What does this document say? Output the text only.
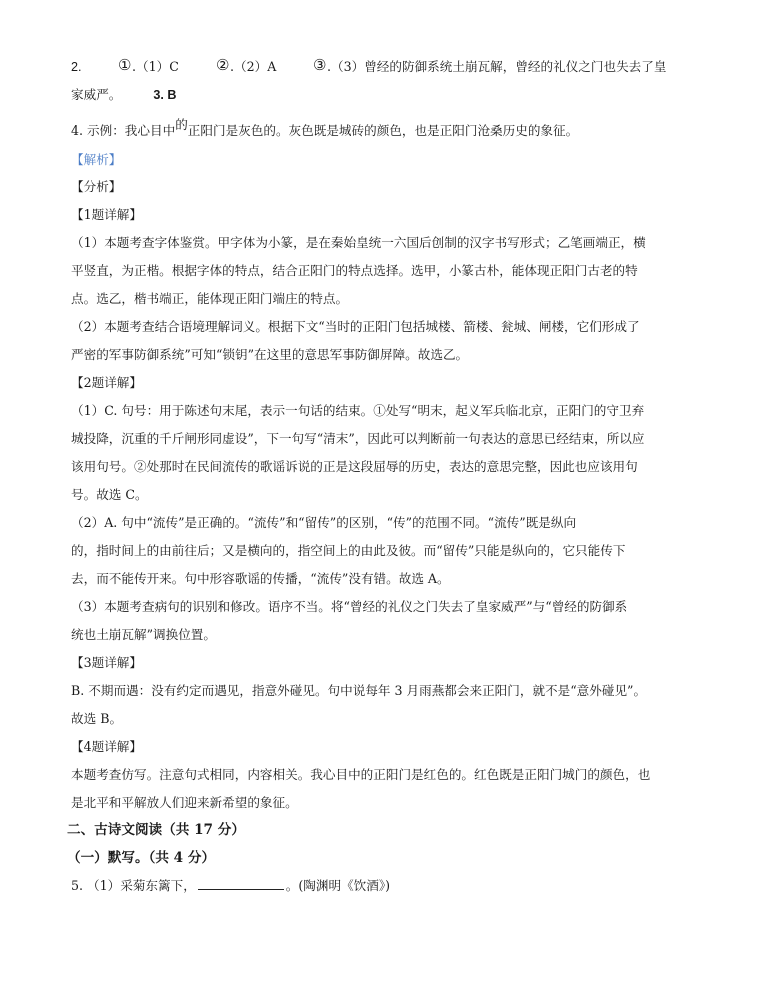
2. ① .（1）C ② .（2）A ③ .（3）曾经的防御系统土崩瓦解，曾经的礼仪之门也失去了皇
家威严。	3. B
4. 示例：我心目中的正阳门是灰色的。灰色既是城砖的颜色，也是正阳门沧桑历史的象征。
【解析】
【分析】
【1题详解】
（1）本题考查字体鉴赏。甲字体为小篆，是在秦始皇统一六国后创制的汉字书写形式；乙笔画端正，横
平竖直，为正楷。根据字体的特点，结合正阳门的特点选择。选甲，小篆古朴，能体现正阳门古老的特
点。选乙，楷书端正，能体现正阳门端庄的特点。
（2）本题考查结合语境理解词义。根据下文“当时的正阳门包括城楼、箭楼、瓮城、闸楼，它们形成了
严密的军事防御系统”可知“锁钥”在这里的意思军事防御屏障。故选乙。
【2题详解】
（1）C. 句号：用于陈述句末尾，表示一句话的结束。①处写“明末，起义军兵临北京，正阳门的守卫弃
城投降，沉重的千斤闸形同虚设”，下一句写“清末”，因此可以判断前一句表达的意思已经结束，所以应
该用句号。②处那时在民间流传的歌谣诉说的正是这段屈辱的历史，表达的意思完整，因此也应该用句
号。故选 C。
（2）A. 句中“流传”是正确的。“流传”和“留传”的区别，“传”的范围不同。“流传”既是纵向
的，指时间上的由前往后；又是横向的，指空间上的由此及彼。而“留传”只能是纵向的，它只能传下
去，而不能传开来。句中形容歌谣的传播，“流传”没有错。故选 A。
（3）本题考查病句的识别和修改。语序不当。将“曾经的礼仪之门失去了皇家威严”与“曾经的防御系
统也土崩瓦解”调换位置。
【3题详解】
B. 不期而遇：没有约定而遇见，指意外碰见。句中说每年 3 月雨燕都会来正阳门，就不是“意外碰见”。
故选 B。
【4题详解】
本题考查仿写。注意句式相同，内容相关。我心目中的正阳门是红色的。红色既是正阳门城门的颜色，也
是北平和平解放人们迎来新希望的象征。
二、古诗文阅读（共 17 分）
（一）默写。（共 4 分）
5. （1）采菊东篱下，	。(陶渊明《饮酒》)
